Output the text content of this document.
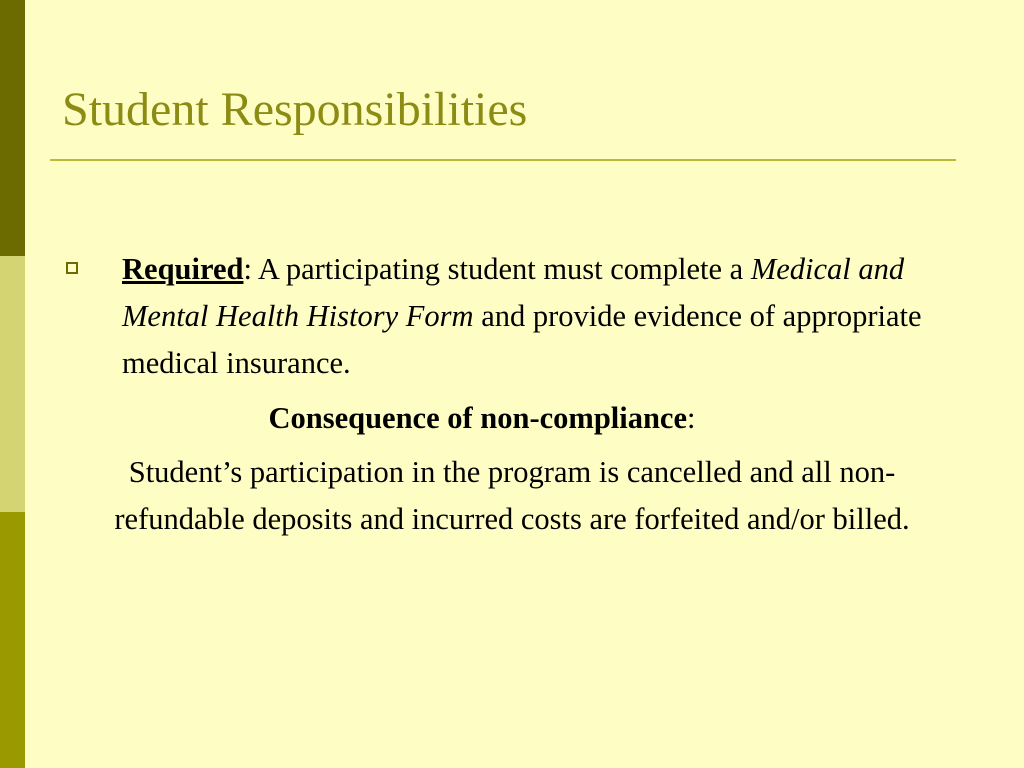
Student Responsibilities
Required: A participating student must complete a Medical and Mental Health History Form and provide evidence of appropriate medical insurance.
Consequence of non-compliance:
Student’s participation in the program is cancelled and all non-refundable deposits and incurred costs are forfeited and/or billed.
